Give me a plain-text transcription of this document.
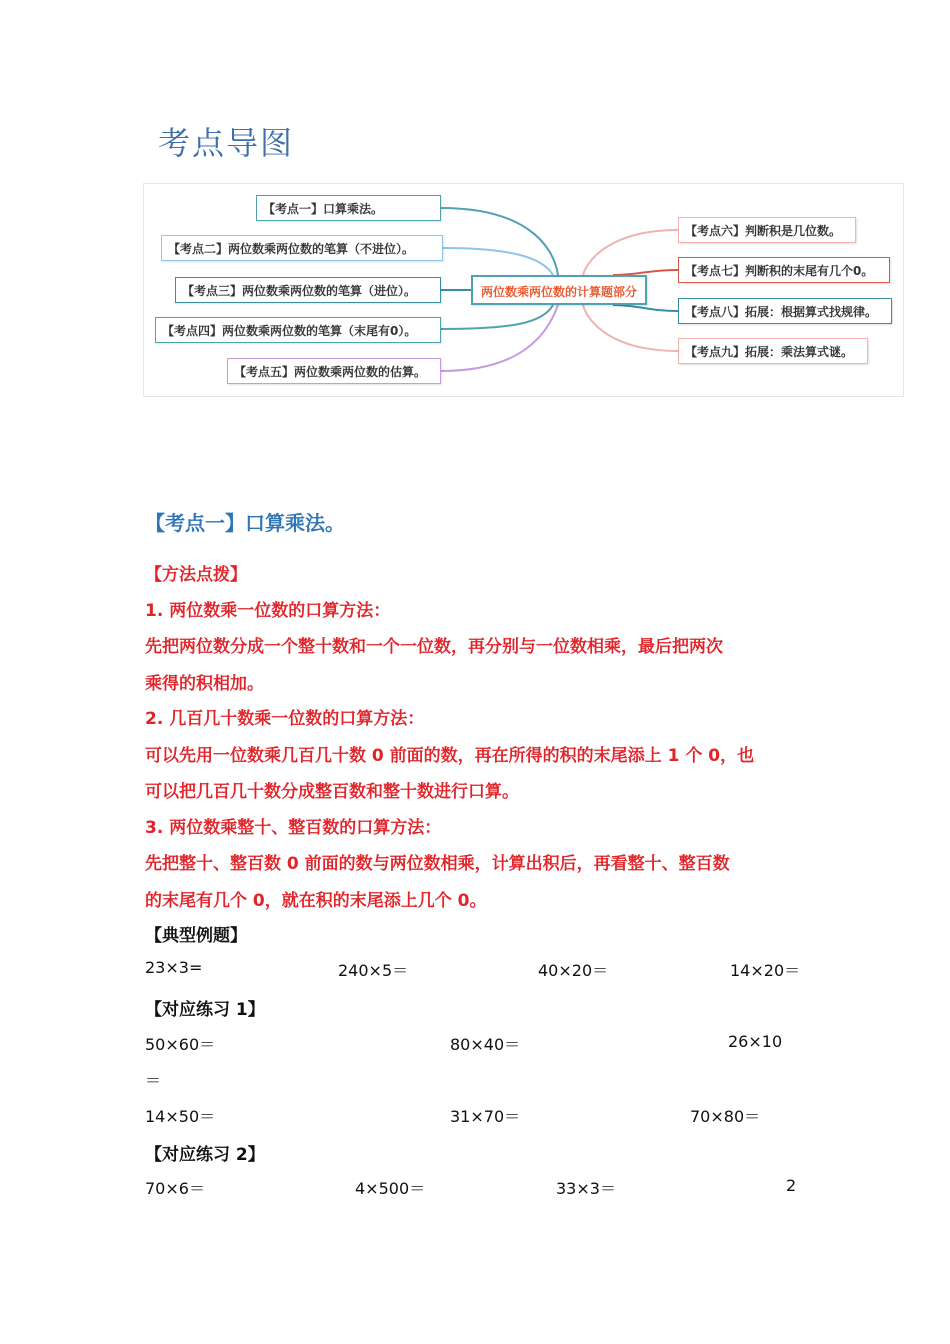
考点导图
【考点一】口算乘法。
【考点二】两位数乘两位数的笔算（不进位）。
【考点三】两位数乘两位数的笔算（进位）。
【考点四】两位数乘两位数的笔算（末尾有0）。
【考点五】两位数乘两位数的估算。
两位数乘两位数的计算题部分
【考点六】判断积是几位数。
【考点七】判断积的末尾有几个0。
【考点八】拓展：根据算式找规律。
【考点九】拓展：乘法算式谜。
【考点一】口算乘法。
【方法点拨】
1. 两位数乘一位数的口算方法：
先把两位数分成一个整十数和一个一位数，再分别与一位数相乘，最后把两次
乘得的积相加。
2. 几百几十数乘一位数的口算方法：
可以先用一位数乘几百几十数 0 前面的数，再在所得的积的末尾添上 1 个 0，也
可以把几百几十数分成整百数和整十数进行口算。
3. 两位数乘整十、整百数的口算方法：
先把整十、整百数 0 前面的数与两位数相乘，计算出积后，再看整十、整百数
的末尾有几个 0，就在积的末尾添上几个 0。
【典型例题】
23×3=	240×5＝	40×20＝	14×20＝
【对应练习 1】
50×60＝	80×40＝	26×10
＝
14×50＝	31×70＝	70×80＝
【对应练习 2】
70×6＝	4×500＝	33×3＝	2
